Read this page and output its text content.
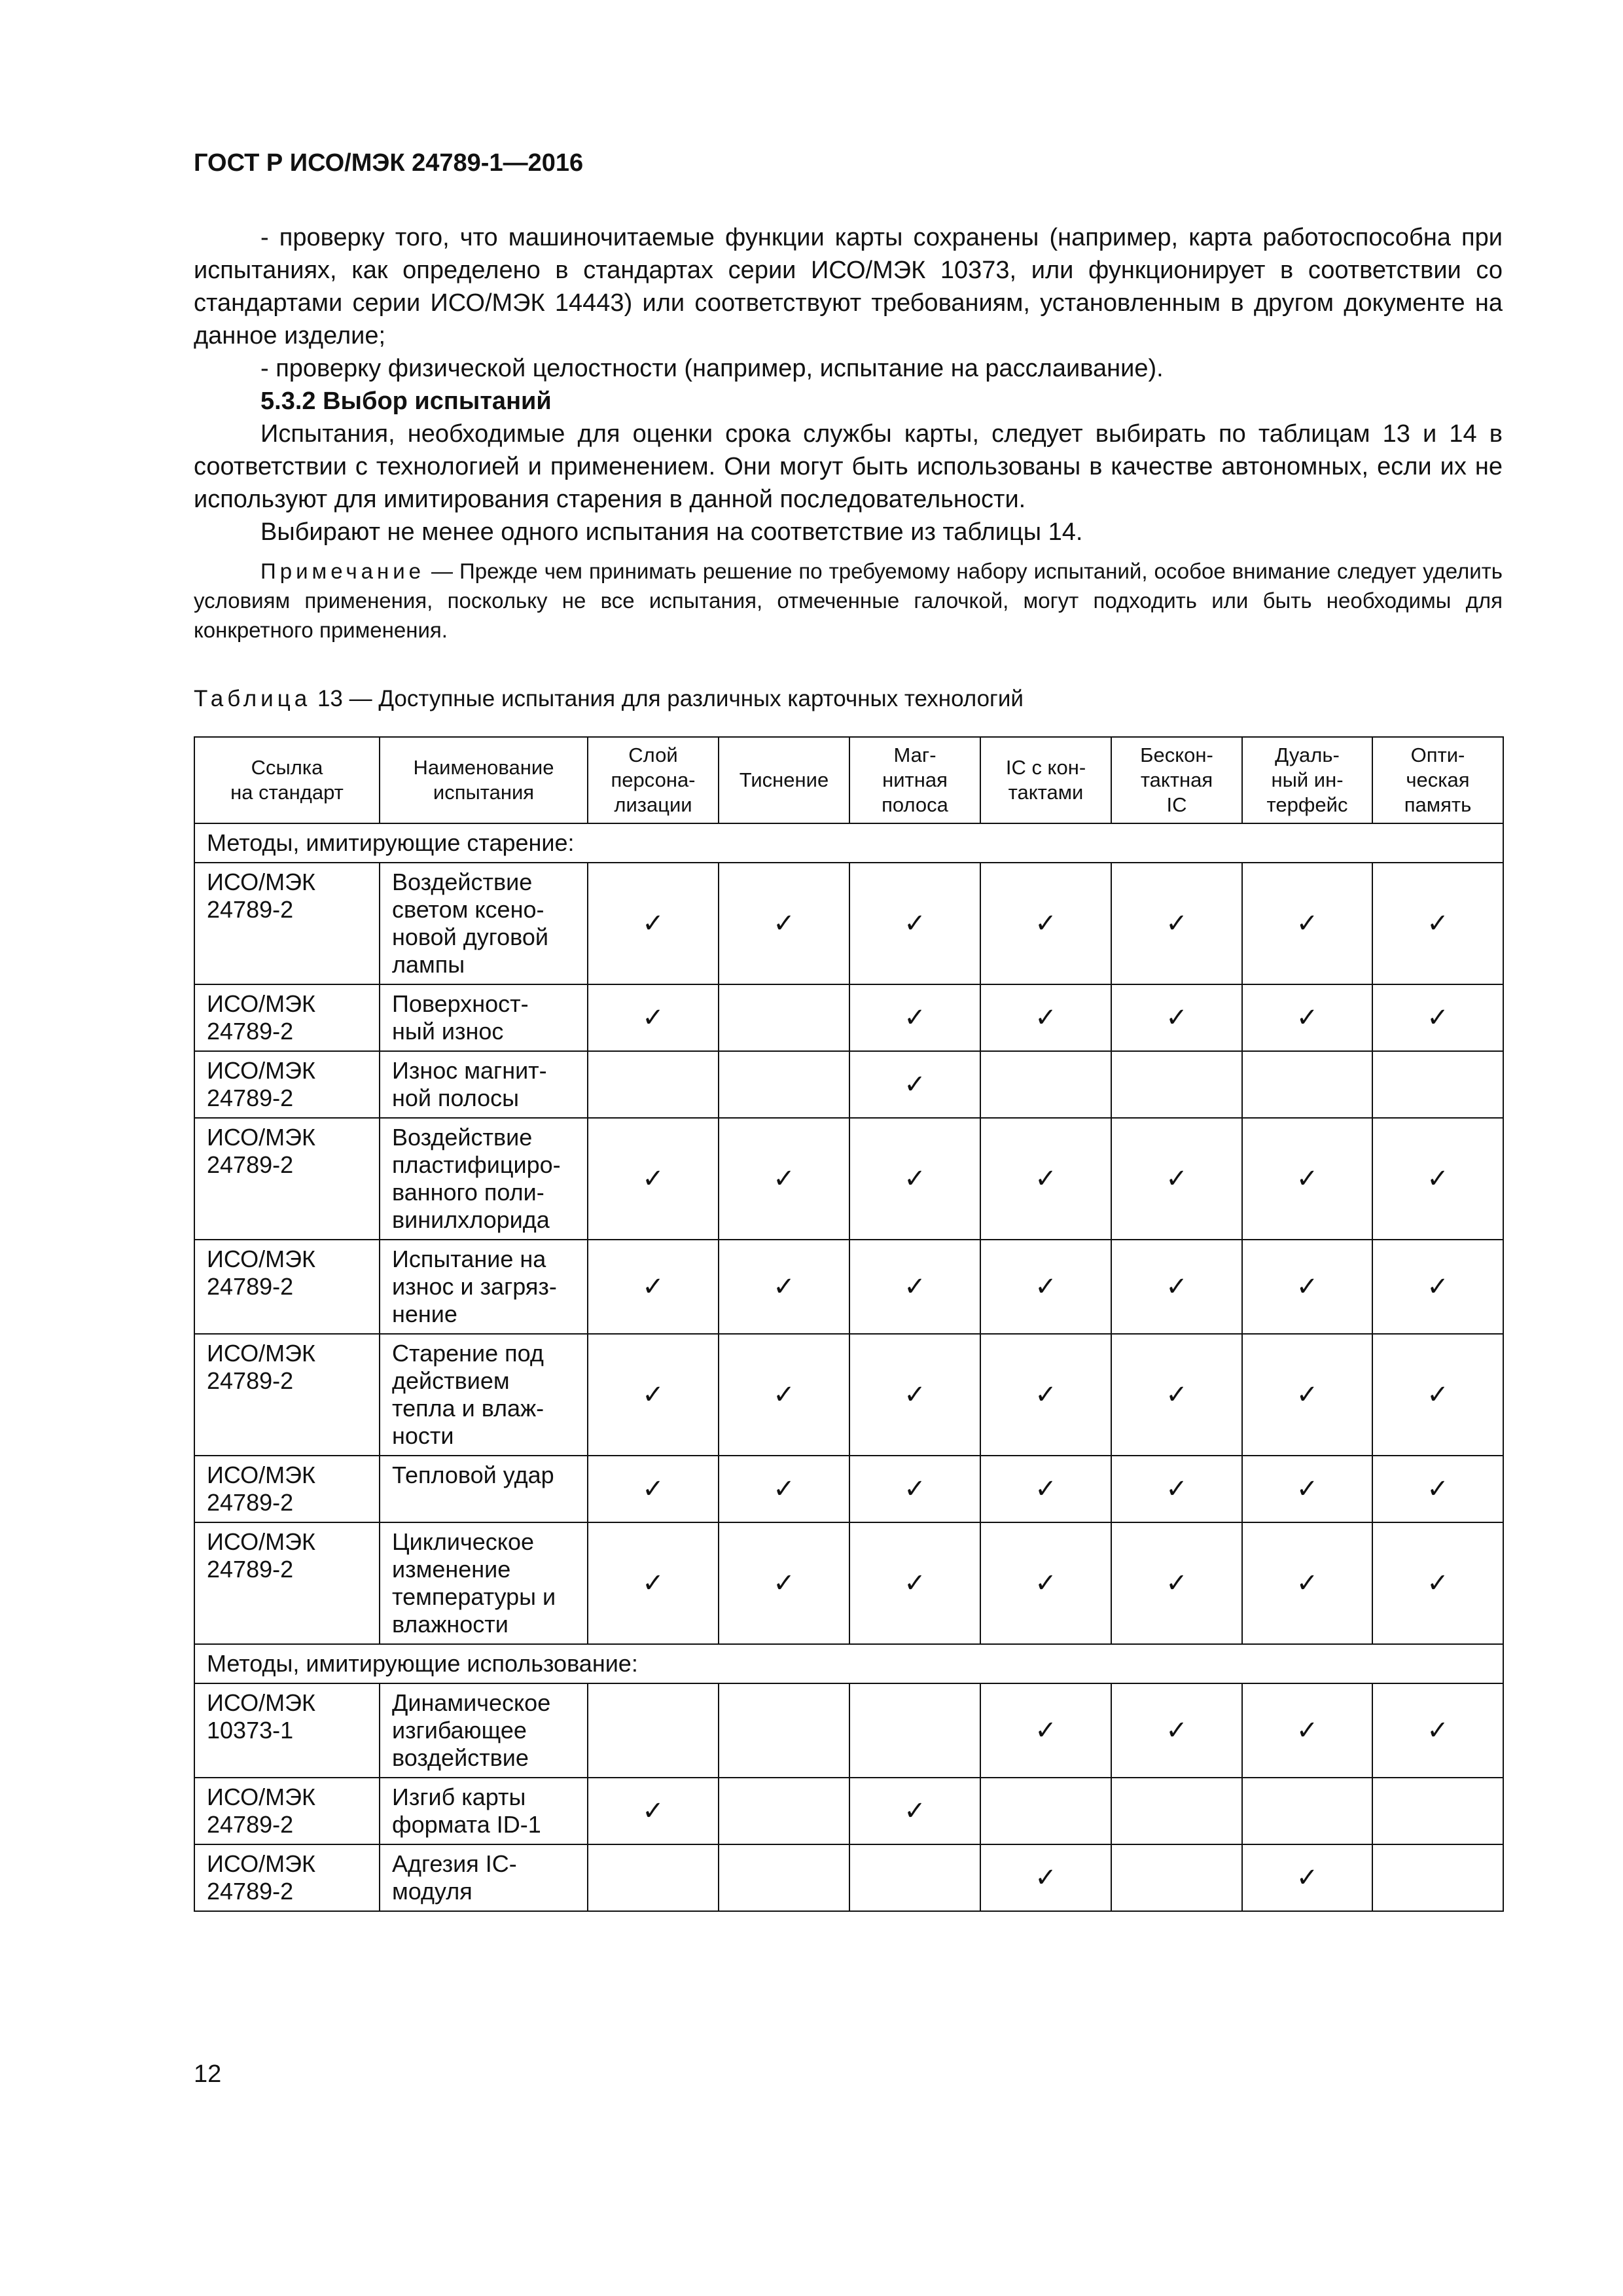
ГОСТ Р ИСО/МЭК 24789-1—2016

- проверку того, что машиночитаемые функции карты сохранены (например, карта работоспособна при испытаниях, как определено в стандартах серии ИСО/МЭК 10373, или функционирует в соответствии со стандартами серии ИСО/МЭК 14443) или соответствуют требованиям, установленным в другом документе на данное изделие;

- проверку физической целостности (например, испытание на расслаивание).

5.3.2 Выбор испытаний

Испытания, необходимые для оценки срока службы карты, следует выбирать по таблицам 13 и 14 в соответствии с технологией и применением. Они могут быть использованы в качестве автономных, если их не используют для имитирования старения в данной последовательности.

Выбирают не менее одного испытания на соответствие из таблицы 14.

Примечание — Прежде чем принимать решение по требуемому набору испытаний, особое внимание следует уделить условиям применения, поскольку не все испытания, отмеченные галочкой, могут подходить или быть необходимы для конкретного применения.

Таблица 13 — Доступные испытания для различных карточных технологий
Ссылка
на стандарт	Наименование
испытания	Слой
персона-
лизации	Тиснение	Маг-
нитная
полоса	IC с кон-
тактами	Бескон-
тактная
IC	Дуаль-
ный ин-
терфейс	Опти-
ческая
память
Методы, имитирующие старение:								
ИСО/МЭК
24789-2	Воздействие
светом ксено-
новой дуговой
лампы	✓	✓	✓	✓	✓	✓	✓
ИСО/МЭК
24789-2	Поверхност-
ный износ	✓		✓	✓	✓	✓	✓
ИСО/МЭК
24789-2	Износ магнит-
ной полосы			✓				
ИСО/МЭК
24789-2	Воздействие
пластифициро-
ванного поли-
винилхлорида	✓	✓	✓	✓	✓	✓	✓
ИСО/МЭК
24789-2	Испытание на
износ и загряз-
нение	✓	✓	✓	✓	✓	✓	✓
ИСО/МЭК
24789-2	Старение под
действием
тепла и влаж-
ности	✓	✓	✓	✓	✓	✓	✓
ИСО/МЭК
24789-2	Тепловой удар	✓	✓	✓	✓	✓	✓	✓
ИСО/МЭК
24789-2	Циклическое
изменение
температуры и
влажности	✓	✓	✓	✓	✓	✓	✓
Методы, имитирующие использование:								
ИСО/МЭК
10373-1	Динамическое
изгибающее
воздействие				✓	✓	✓	✓
ИСО/МЭК
24789-2	Изгиб карты
формата ID-1	✓		✓				
ИСО/МЭК
24789-2	Адгезия IC-
модуля				✓		✓	
12
